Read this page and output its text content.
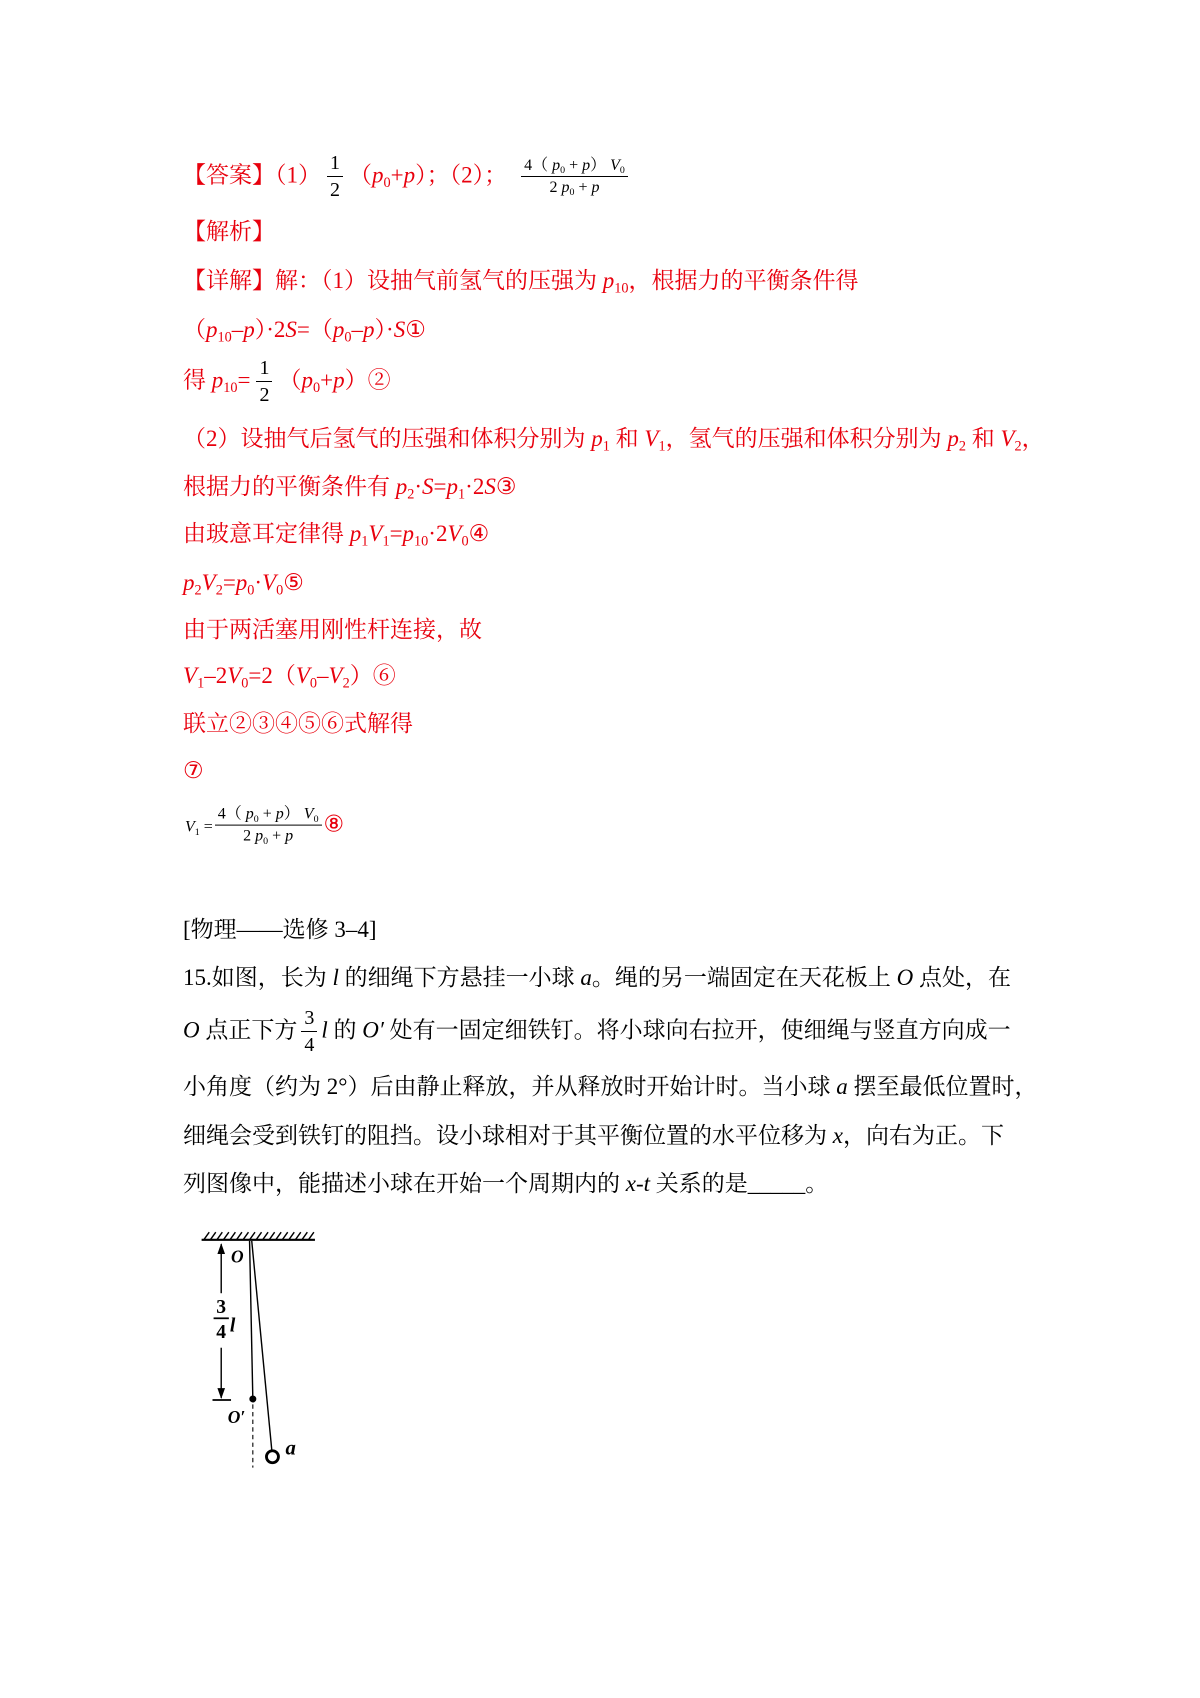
【答案】$(1) \frac{1}{2} (p_0+p)$；（2）； $\frac{4( p_0 + p) V_0}{2 p_0 + p}$
【解析】
【详解】解：（1）设抽气前氢气的压强为 $p_{10}$，根据力的平衡条件得
$(p_{10}-p)\cdot 2S=(p_0-p)\cdot S①$
得 $p_{10}= \frac{1}{2}$ $(p_0+p)②$
（2）设抽气后氢气的压强和体积分别为 $p_1$ 和 $V_1$，氢气的压强和体积分别为 $p_2$ 和 $V_2$，
根据力的平衡条件有 $p_2\cdot S=p_1\cdot 2S③$
由玻意耳定律得 $p_1V_1=p_{10}\cdot 2V_0④$
$p_2V_2=p_0\cdot V_0⑤$
由于两活塞用刚性杆连接，故
$V_1-2V_0=2(V_0-V_2)⑥$
联立②③④⑤⑥式解得
⑦
$V_1 = \frac{4( p_0 + p) V_0}{2 p_0 + p}$ ⑧
[物理——选修 3–4]
15.如图，长为 l 的细绳下方悬挂一小球 a。绳的另一端固定在天花板上 O 点处，在
O 点正下方 $\frac{3}{4}$ l 的 O′ 处有一固定细铁钉。将小球向右拉开，使细绳与竖直方向成一
小角度（约为 2°）后由静止释放，并从释放时开始计时。当小球 a 摆至最低位置时，
细绳会受到铁钉的阻挡。设小球相对于其平衡位置的水平位移为 x，向右为正。下
列图像中，能描述小球在开始一个周期内的 x-t 关系的是_____。
O
3
4 l
O′
a
